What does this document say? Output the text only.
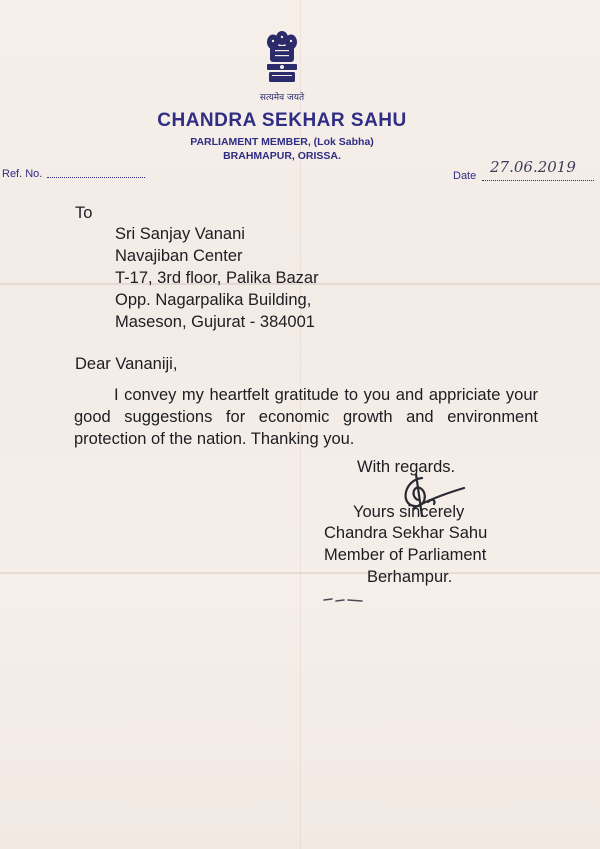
सत्यमेव जयते
CHANDRA SEKHAR SAHU
PARLIAMENT MEMBER, (Lok Sabha)
BRAHMAPUR, ORISSA.
Ref. No.	Date 27.06.2019
To
Sri Sanjay Vanani
Navajiban Center
T-17, 3rd floor, Palika Bazar
Opp. Nagarpalika Building,
Maseson, Gujurat - 384001
Dear Vananiji,
I convey my heartfelt gratitude to you and appriciate your good suggestions for economic growth and environment protection of the nation. Thanking you.
With regards.
Yours sincerely
Chandra Sekhar Sahu
Member of Parliament
Berhampur.
